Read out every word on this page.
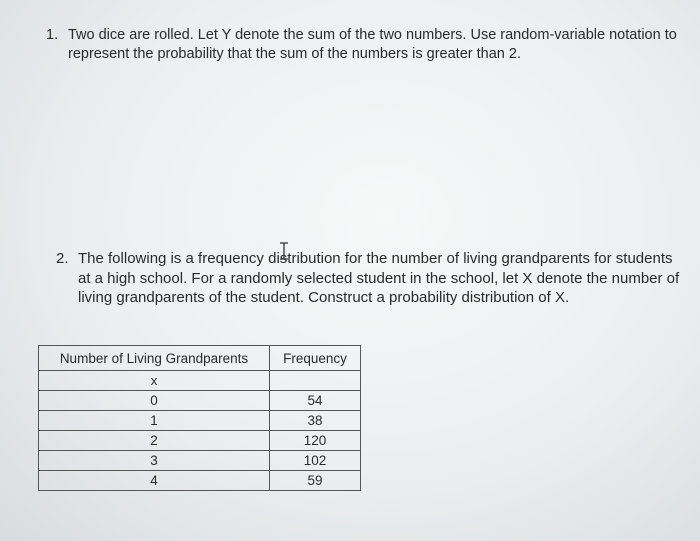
1. Two dice are rolled. Let Y denote the sum of the two numbers. Use random-variable notation to represent the probability that the sum of the numbers is greater than 2.
2. The following is a frequency distribution for the number of living grandparents for students at a high school. For a randomly selected student in the school, let X denote the number of living grandparents of the student. Construct a probability distribution of X.
Number of Living Grandparents	Frequency
x	
0	54
1	38
2	120
3	102
4	59
